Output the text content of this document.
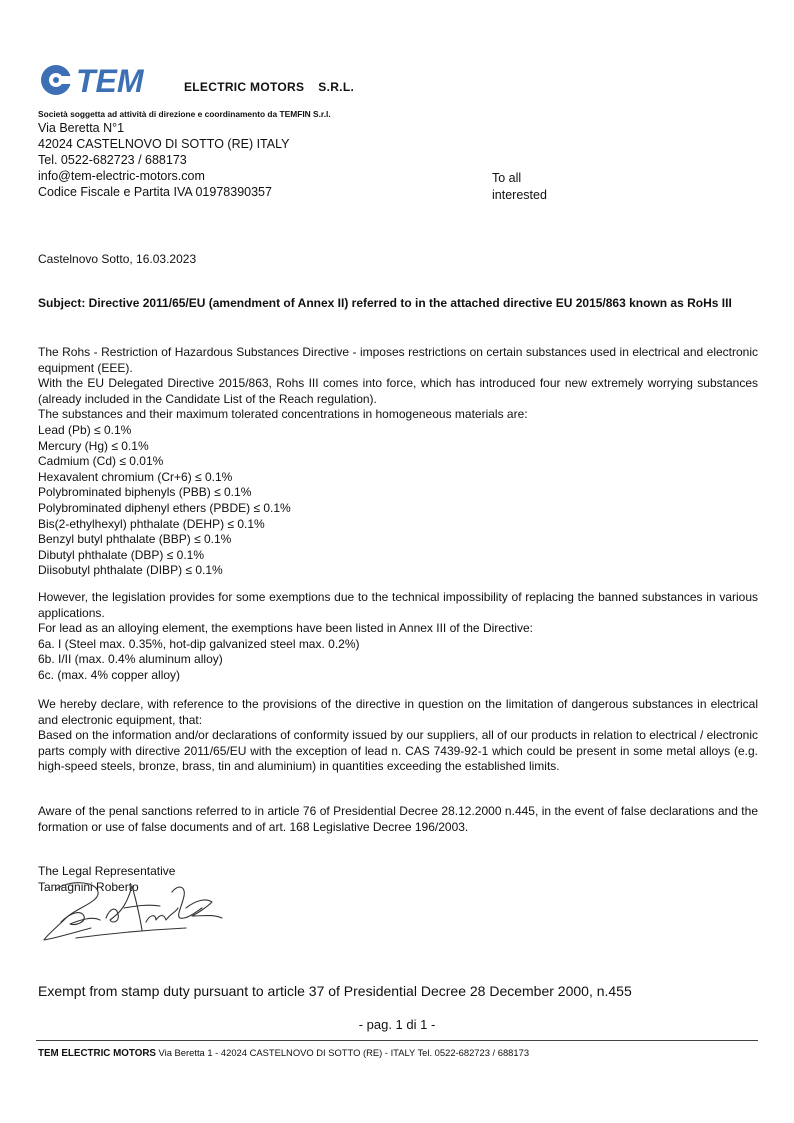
TEM	ELECTRIC MOTORS S.R.L.
Società soggetta ad attività di direzione e coordinamento da TEMFIN S.r.l.
Via Beretta N°1
42024 CASTELNOVO DI SOTTO (RE) ITALY
Tel. 0522-682723 / 688173
info@tem-electric-motors.com
Codice Fiscale e Partita IVA 01978390357
To all
interested
Castelnovo Sotto, 16.03.2023
Subject: Directive 2011/65/EU (amendment of Annex II) referred to in the attached directive EU 2015/863 known as RoHs III
The Rohs - Restriction of Hazardous Substances Directive - imposes restrictions on certain substances used in electrical and electronic equipment (EEE).
With the EU Delegated Directive 2015/863, Rohs III comes into force, which has introduced four new extremely worrying substances (already included in the Candidate List of the Reach regulation).
The substances and their maximum tolerated concentrations in homogeneous materials are:
Lead (Pb) ≤ 0.1%
Mercury (Hg) ≤ 0.1%
Cadmium (Cd) ≤ 0.01%
Hexavalent chromium (Cr+6) ≤ 0.1%
Polybrominated biphenyls (PBB) ≤ 0.1%
Polybrominated diphenyl ethers (PBDE) ≤ 0.1%
Bis(2-ethylhexyl) phthalate (DEHP) ≤ 0.1%
Benzyl butyl phthalate (BBP) ≤ 0.1%
Dibutyl phthalate (DBP) ≤ 0.1%
Diisobutyl phthalate (DIBP) ≤ 0.1%
However, the legislation provides for some exemptions due to the technical impossibility of replacing the banned substances in various applications.
For lead as an alloying element, the exemptions have been listed in Annex III of the Directive:
6a. I (Steel max. 0.35%, hot-dip galvanized steel max. 0.2%)
6b. I/II (max. 0.4% aluminum alloy)
6c. (max. 4% copper alloy)
We hereby declare, with reference to the provisions of the directive in question on the limitation of dangerous substances in electrical and electronic equipment, that:
Based on the information and/or declarations of conformity issued by our suppliers, all of our products in relation to electrical / electronic parts comply with directive 2011/65/EU with the exception of lead n. CAS 7439-92-1 which could be present in some metal alloys (e.g. high-speed steels, bronze, brass, tin and aluminium) in quantities exceeding the established limits.
Aware of the penal sanctions referred to in article 76 of Presidential Decree 28.12.2000 n.445, in the event of false declarations and the formation or use of false documents and of art. 168 Legislative Decree 196/2003.
The Legal Representative
Tamagnini Roberto
Exempt from stamp duty pursuant to article 37 of Presidential Decree 28 December 2000, n.455
- pag. 1 di 1 -
TEM ELECTRIC MOTORS Via Beretta 1 - 42024 CASTELNOVO DI SOTTO (RE) - ITALY Tel. 0522-682723 / 688173
